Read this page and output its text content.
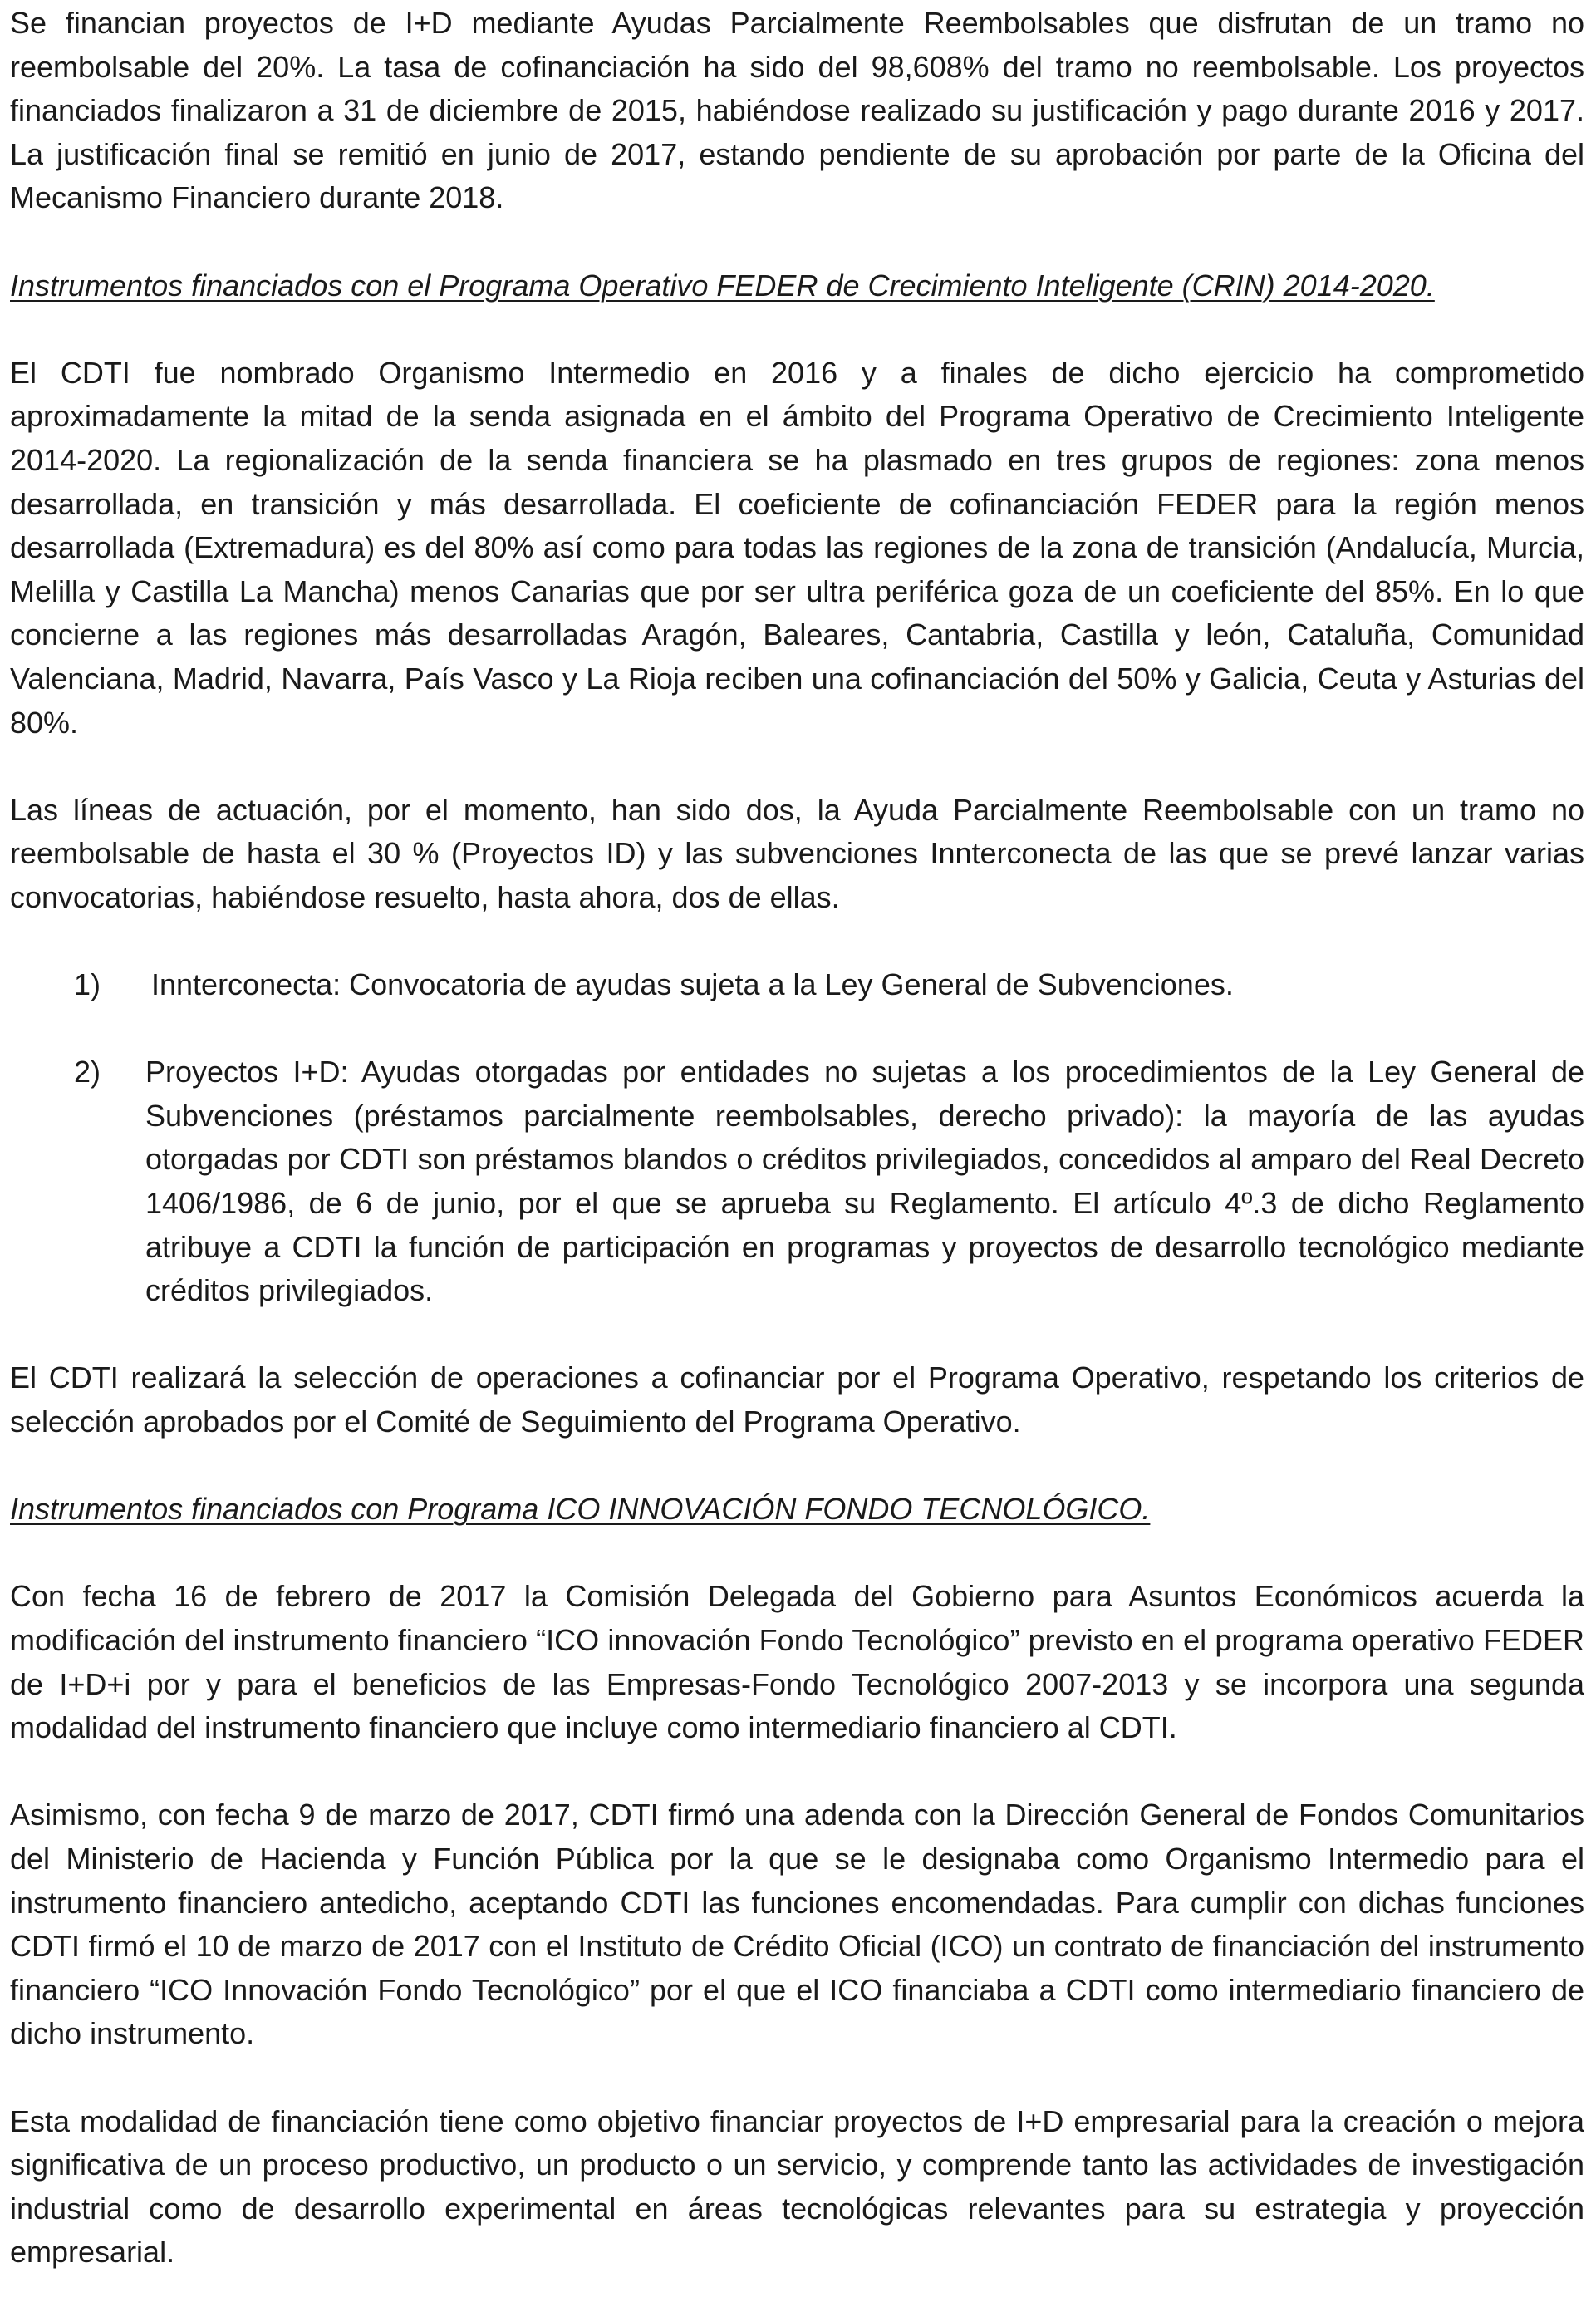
Se financian proyectos de I+D mediante Ayudas Parcialmente Reembolsables que disfrutan de un tramo no reembolsable del 20%. La tasa de cofinanciación ha sido del 98,608% del tramo no reembolsable. Los proyectos financiados finalizaron a 31 de diciembre de 2015, habiéndose realizado su justificación y pago durante 2016 y 2017. La justificación final se remitió en junio de 2017, estando pendiente de su aprobación por parte de la Oficina del Mecanismo Financiero durante 2018.

Instrumentos financiados con el Programa Operativo FEDER de Crecimiento Inteligente (CRIN) 2014-2020.

El CDTI fue nombrado Organismo Intermedio en 2016 y a finales de dicho ejercicio ha comprometido aproximadamente la mitad de la senda asignada en el ámbito del Programa Operativo de Crecimiento Inteligente 2014-2020. La regionalización de la senda financiera se ha plasmado en tres grupos de regiones: zona menos desarrollada, en transición y más desarrollada. El coeficiente de cofinanciación FEDER para la región menos desarrollada (Extremadura) es del 80% así como para todas las regiones de la zona de transición (Andalucía, Murcia, Melilla y Castilla La Mancha) menos Canarias que por ser ultra periférica goza de un coeficiente del 85%. En lo que concierne a las regiones más desarrolladas Aragón, Baleares, Cantabria, Castilla y león, Cataluña, Comunidad Valenciana, Madrid, Navarra, País Vasco y La Rioja reciben una cofinanciación del 50% y Galicia, Ceuta y Asturias del 80%.

Las líneas de actuación, por el momento, han sido dos, la Ayuda Parcialmente Reembolsable con un tramo no reembolsable de hasta el 30 % (Proyectos ID) y las subvenciones Innterconecta de las que se prevé lanzar varias convocatorias, habiéndose resuelto, hasta ahora, dos de ellas.

1)	Innterconecta: Convocatoria de ayudas sujeta a la Ley General de Subvenciones.
2)	Proyectos I+D: Ayudas otorgadas por entidades no sujetas a los procedimientos de la Ley General de Subvenciones (préstamos parcialmente reembolsables, derecho privado): la mayoría de las ayudas otorgadas por CDTI son préstamos blandos o créditos privilegiados, concedidos al amparo del Real Decreto 1406/1986, de 6 de junio, por el que se aprueba su Reglamento. El artículo 4º.3 de dicho Reglamento atribuye a CDTI la función de participación en programas y proyectos de desarrollo tecnológico mediante créditos privilegiados.

El CDTI realizará la selección de operaciones a cofinanciar por el Programa Operativo, respetando los criterios de selección aprobados por el Comité de Seguimiento del Programa Operativo.

Instrumentos financiados con Programa ICO INNOVACIÓN FONDO TECNOLÓGICO.

Con fecha 16 de febrero de 2017 la Comisión Delegada del Gobierno para Asuntos Económicos acuerda la modificación del instrumento financiero “ICO innovación Fondo Tecnológico” previsto en el programa operativo FEDER de I+D+i por y para el beneficios de las Empresas-Fondo Tecnológico 2007-2013 y se incorpora una segunda modalidad del instrumento financiero que incluye como intermediario financiero al CDTI.

Asimismo, con fecha 9 de marzo de 2017, CDTI firmó una adenda con la Dirección General de Fondos Comunitarios del Ministerio de Hacienda y Función Pública por la que se le designaba como Organismo Intermedio para el instrumento financiero antedicho, aceptando CDTI las funciones encomendadas. Para cumplir con dichas funciones CDTI firmó el 10 de marzo de 2017 con el Instituto de Crédito Oficial (ICO) un contrato de financiación del instrumento financiero “ICO Innovación Fondo Tecnológico” por el que el ICO financiaba a CDTI como intermediario financiero de dicho instrumento.

Esta modalidad de financiación tiene como objetivo financiar proyectos de I+D empresarial para la creación o mejora significativa de un proceso productivo, un producto o un servicio, y comprende tanto las actividades de investigación industrial como de desarrollo experimental en áreas tecnológicas relevantes para su estrategia y proyección empresarial.
